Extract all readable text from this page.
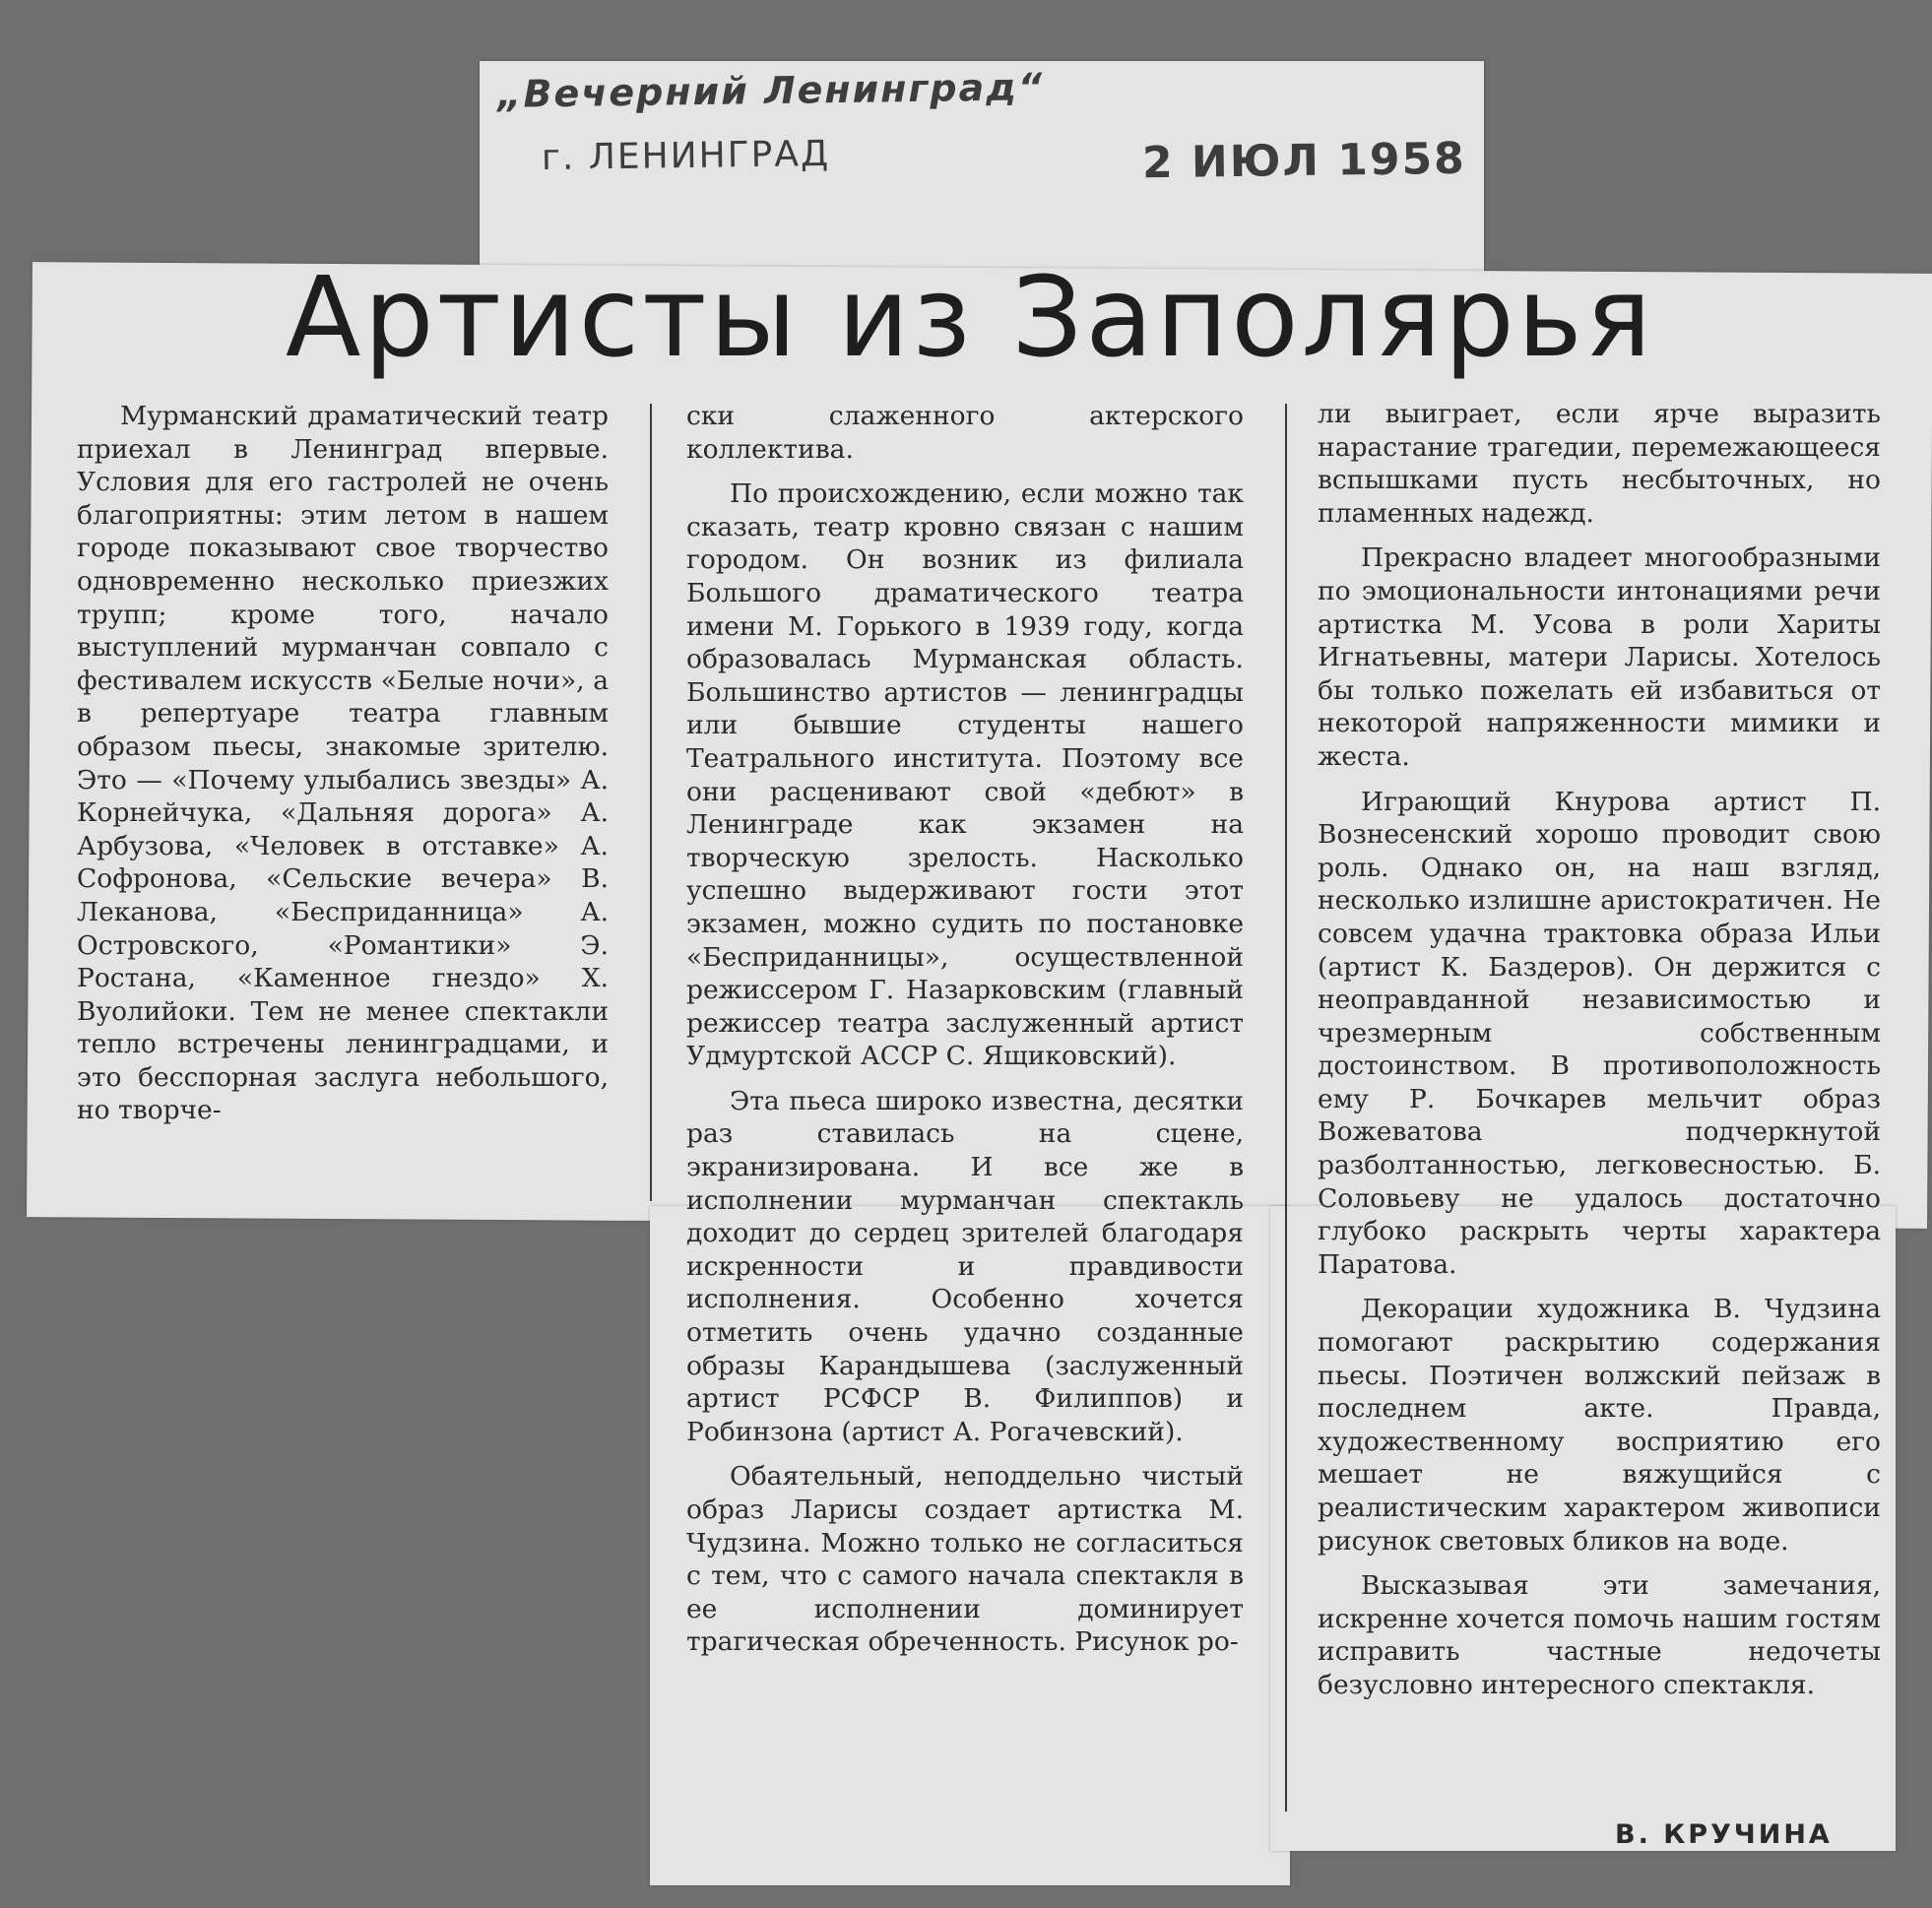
„Вечерний Ленинград“
г. ЛЕНИНГРАД	2 ИЮЛ 1958
Артисты из Заполярья

Мурманский драматический театр приехал в Ленинград впервые. Условия для его гастролей не очень благоприятны: этим летом в нашем городе показывают свое творчество одновременно несколько приезжих трупп; кроме того, начало выступлений мурманчан совпало с фестивалем искусств «Белые ночи», а в репертуаре театра главным образом пьесы, знакомые зрителю. Это — «Почему улыбались звезды» А. Корнейчука, «Дальняя дорога» А. Арбузова, «Человек в отставке» А. Софронова, «Сельские вечера» В. Леканова, «Бесприданница» А. Островского, «Романтики» Э. Ростана, «Каменное гнездо» Х. Вуолийоки. Тем не менее спектакли тепло встречены ленинградцами, и это бесспорная заслуга небольшого, но творче-

ски слаженного актерского коллектива.

По происхождению, если можно так сказать, театр кровно связан с нашим городом. Он возник из филиала Большого драматического театра имени М. Горького в 1939 году, когда образовалась Мурманская область. Большинство артистов — ленинградцы или бывшие студенты нашего Театрального института. Поэтому все они расценивают свой «дебют» в Ленинграде как экзамен на творческую зрелость. Насколько успешно выдерживают гости этот экзамен, можно судить по постановке «Бесприданницы», осуществленной режиссером Г. Назарковским (главный режиссер театра заслуженный артист Удмуртской АССР С. Ящиковский).

Эта пьеса широко известна, десятки раз ставилась на сцене, экранизирована. И все же в исполнении мурманчан спектакль доходит до сердец зрителей благодаря искренности и правдивости исполнения. Особенно хочется отметить очень удачно созданные образы Карандышева (заслуженный артист РСФСР В. Филиппов) и Робинзона (артист А. Рогачевский).

Обаятельный, неподдельно чистый образ Ларисы создает артистка М. Чудзина. Можно только не согласиться с тем, что с самого начала спектакля в ее исполнении доминирует трагическая обреченность. Рисунок ро-

ли выиграет, если ярче выразить нарастание трагедии, перемежающееся вспышками пусть несбыточных, но пламенных надежд.

Прекрасно владеет многообразными по эмоциональности интонациями речи артистка М. Усова в роли Хариты Игнатьевны, матери Ларисы. Хотелось бы только пожелать ей избавиться от некоторой напряженности мимики и жеста.

Играющий Кнурова артист П. Вознесенский хорошо проводит свою роль. Однако он, на наш взгляд, несколько излишне аристократичен. Не совсем удачна трактовка образа Ильи (артист К. Баздеров). Он держится с неоправданной независимостью и чрезмерным собственным достоинством. В противоположность ему Р. Бочкарев мельчит образ Вожеватова подчеркнутой разболтанностью, легковесностью. Б. Соловьеву не удалось достаточно глубоко раскрыть черты характера Паратова.

Декорации художника В. Чудзина помогают раскрытию содержания пьесы. Поэтичен волжский пейзаж в последнем акте. Правда, художественному восприятию его мешает не вяжущийся с реалистическим характером живописи рисунок световых бликов на воде.

Высказывая эти замечания, искренне хочется помочь нашим гостям исправить частные недочеты безусловно интересного спектакля.

В. КРУЧИНА
